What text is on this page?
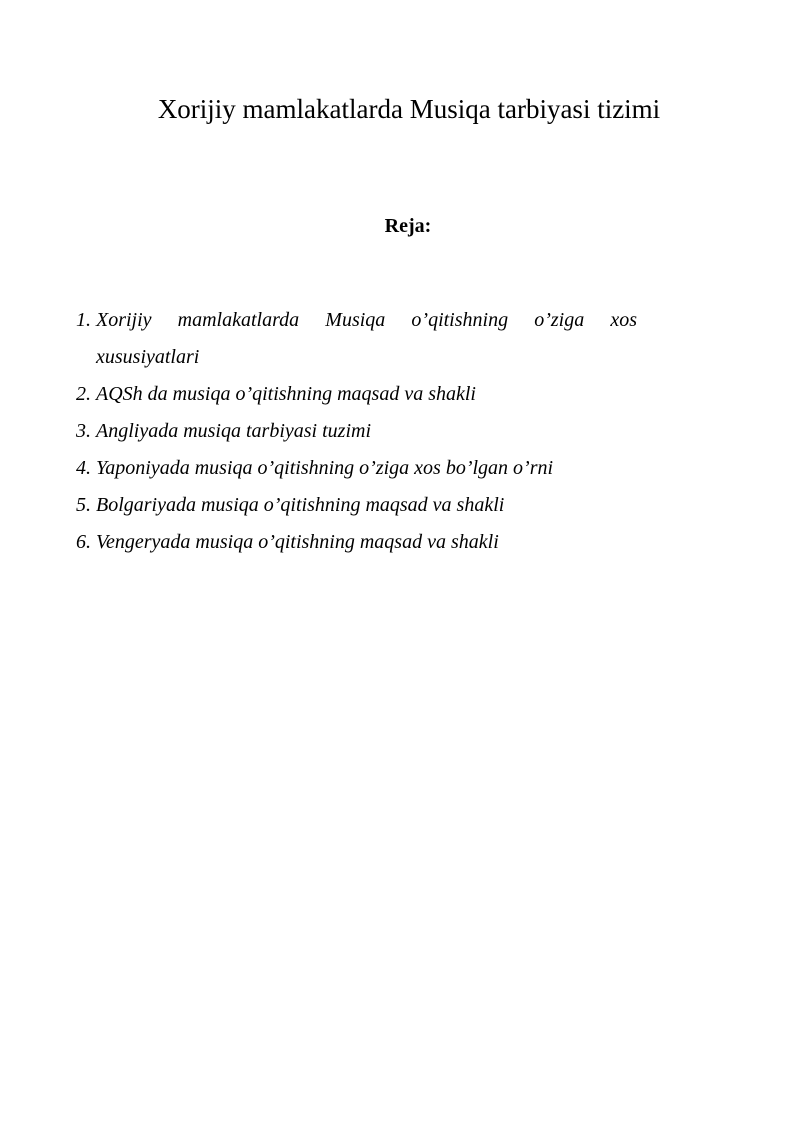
Xorijiy mamlakatlarda Musiqa tarbiyasi tizimi
Reja:
1. Xorijiy mamlakatlarda Musiqa o’qitishning o’ziga xos xususiyatlari
2. AQSh da musiqa o’qitishning maqsad va shakli
3. Angliyada musiqa tarbiyasi tuzimi
4. Yaponiyada musiqa o’qitishning o’ziga xos bo’lgan o’rni
5. Bolgariyada musiqa o’qitishning maqsad va shakli
6. Vengeryada musiqa o’qitishning maqsad va shakli
